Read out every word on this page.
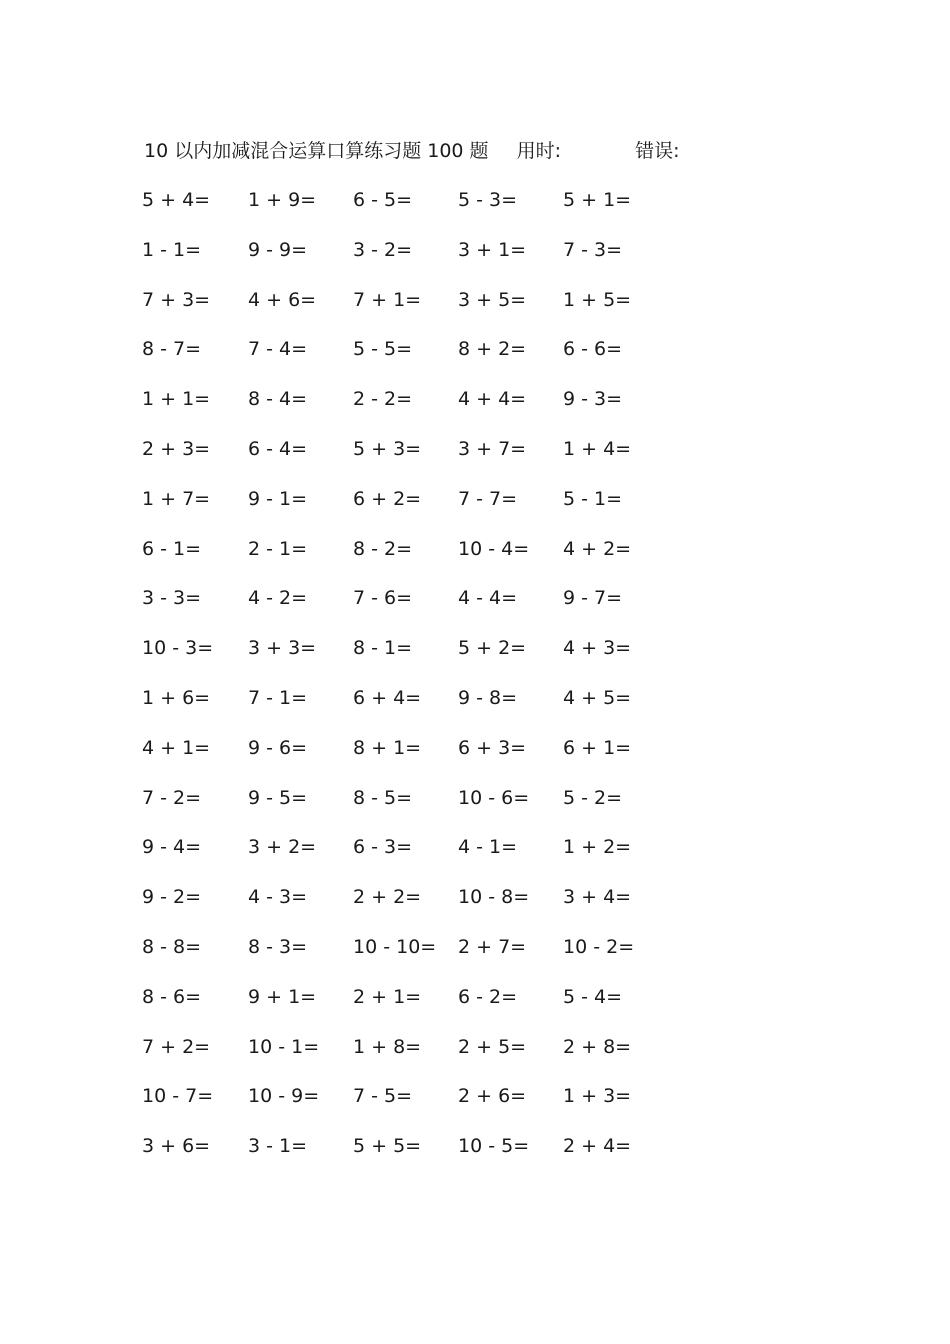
10 以内加减混合运算口算练习题 100 题 用时:	错误:
5 + 4= 1 + 9= 6 - 5= 5 - 3= 5 + 1=
1 - 1= 9 - 9= 3 - 2= 3 + 1= 7 - 3=
7 + 3= 4 + 6= 7 + 1= 3 + 5= 1 + 5=
8 - 7= 7 - 4= 5 - 5= 8 + 2= 6 - 6=
1 + 1= 8 - 4= 2 - 2= 4 + 4= 9 - 3=
2 + 3= 6 - 4= 5 + 3= 3 + 7= 1 + 4=
1 + 7= 9 - 1= 6 + 2= 7 - 7= 5 - 1=
6 - 1= 2 - 1= 8 - 2= 10 - 4= 4 + 2=
3 - 3= 4 - 2= 7 - 6= 4 - 4= 9 - 7=
10 - 3= 3 + 3= 8 - 1= 5 + 2= 4 + 3=
1 + 6= 7 - 1= 6 + 4= 9 - 8= 4 + 5=
4 + 1= 9 - 6= 8 + 1= 6 + 3= 6 + 1=
7 - 2= 9 - 5= 8 - 5= 10 - 6= 5 - 2=
9 - 4= 3 + 2= 6 - 3= 4 - 1= 1 + 2=
9 - 2= 4 - 3= 2 + 2= 10 - 8= 3 + 4=
8 - 8= 8 - 3= 10 - 10= 2 + 7= 10 - 2=
8 - 6= 9 + 1= 2 + 1= 6 - 2= 5 - 4=
7 + 2= 10 - 1= 1 + 8= 2 + 5= 2 + 8=
10 - 7= 10 - 9= 7 - 5= 2 + 6= 1 + 3=
3 + 6= 3 - 1= 5 + 5= 10 - 5= 2 + 4=
